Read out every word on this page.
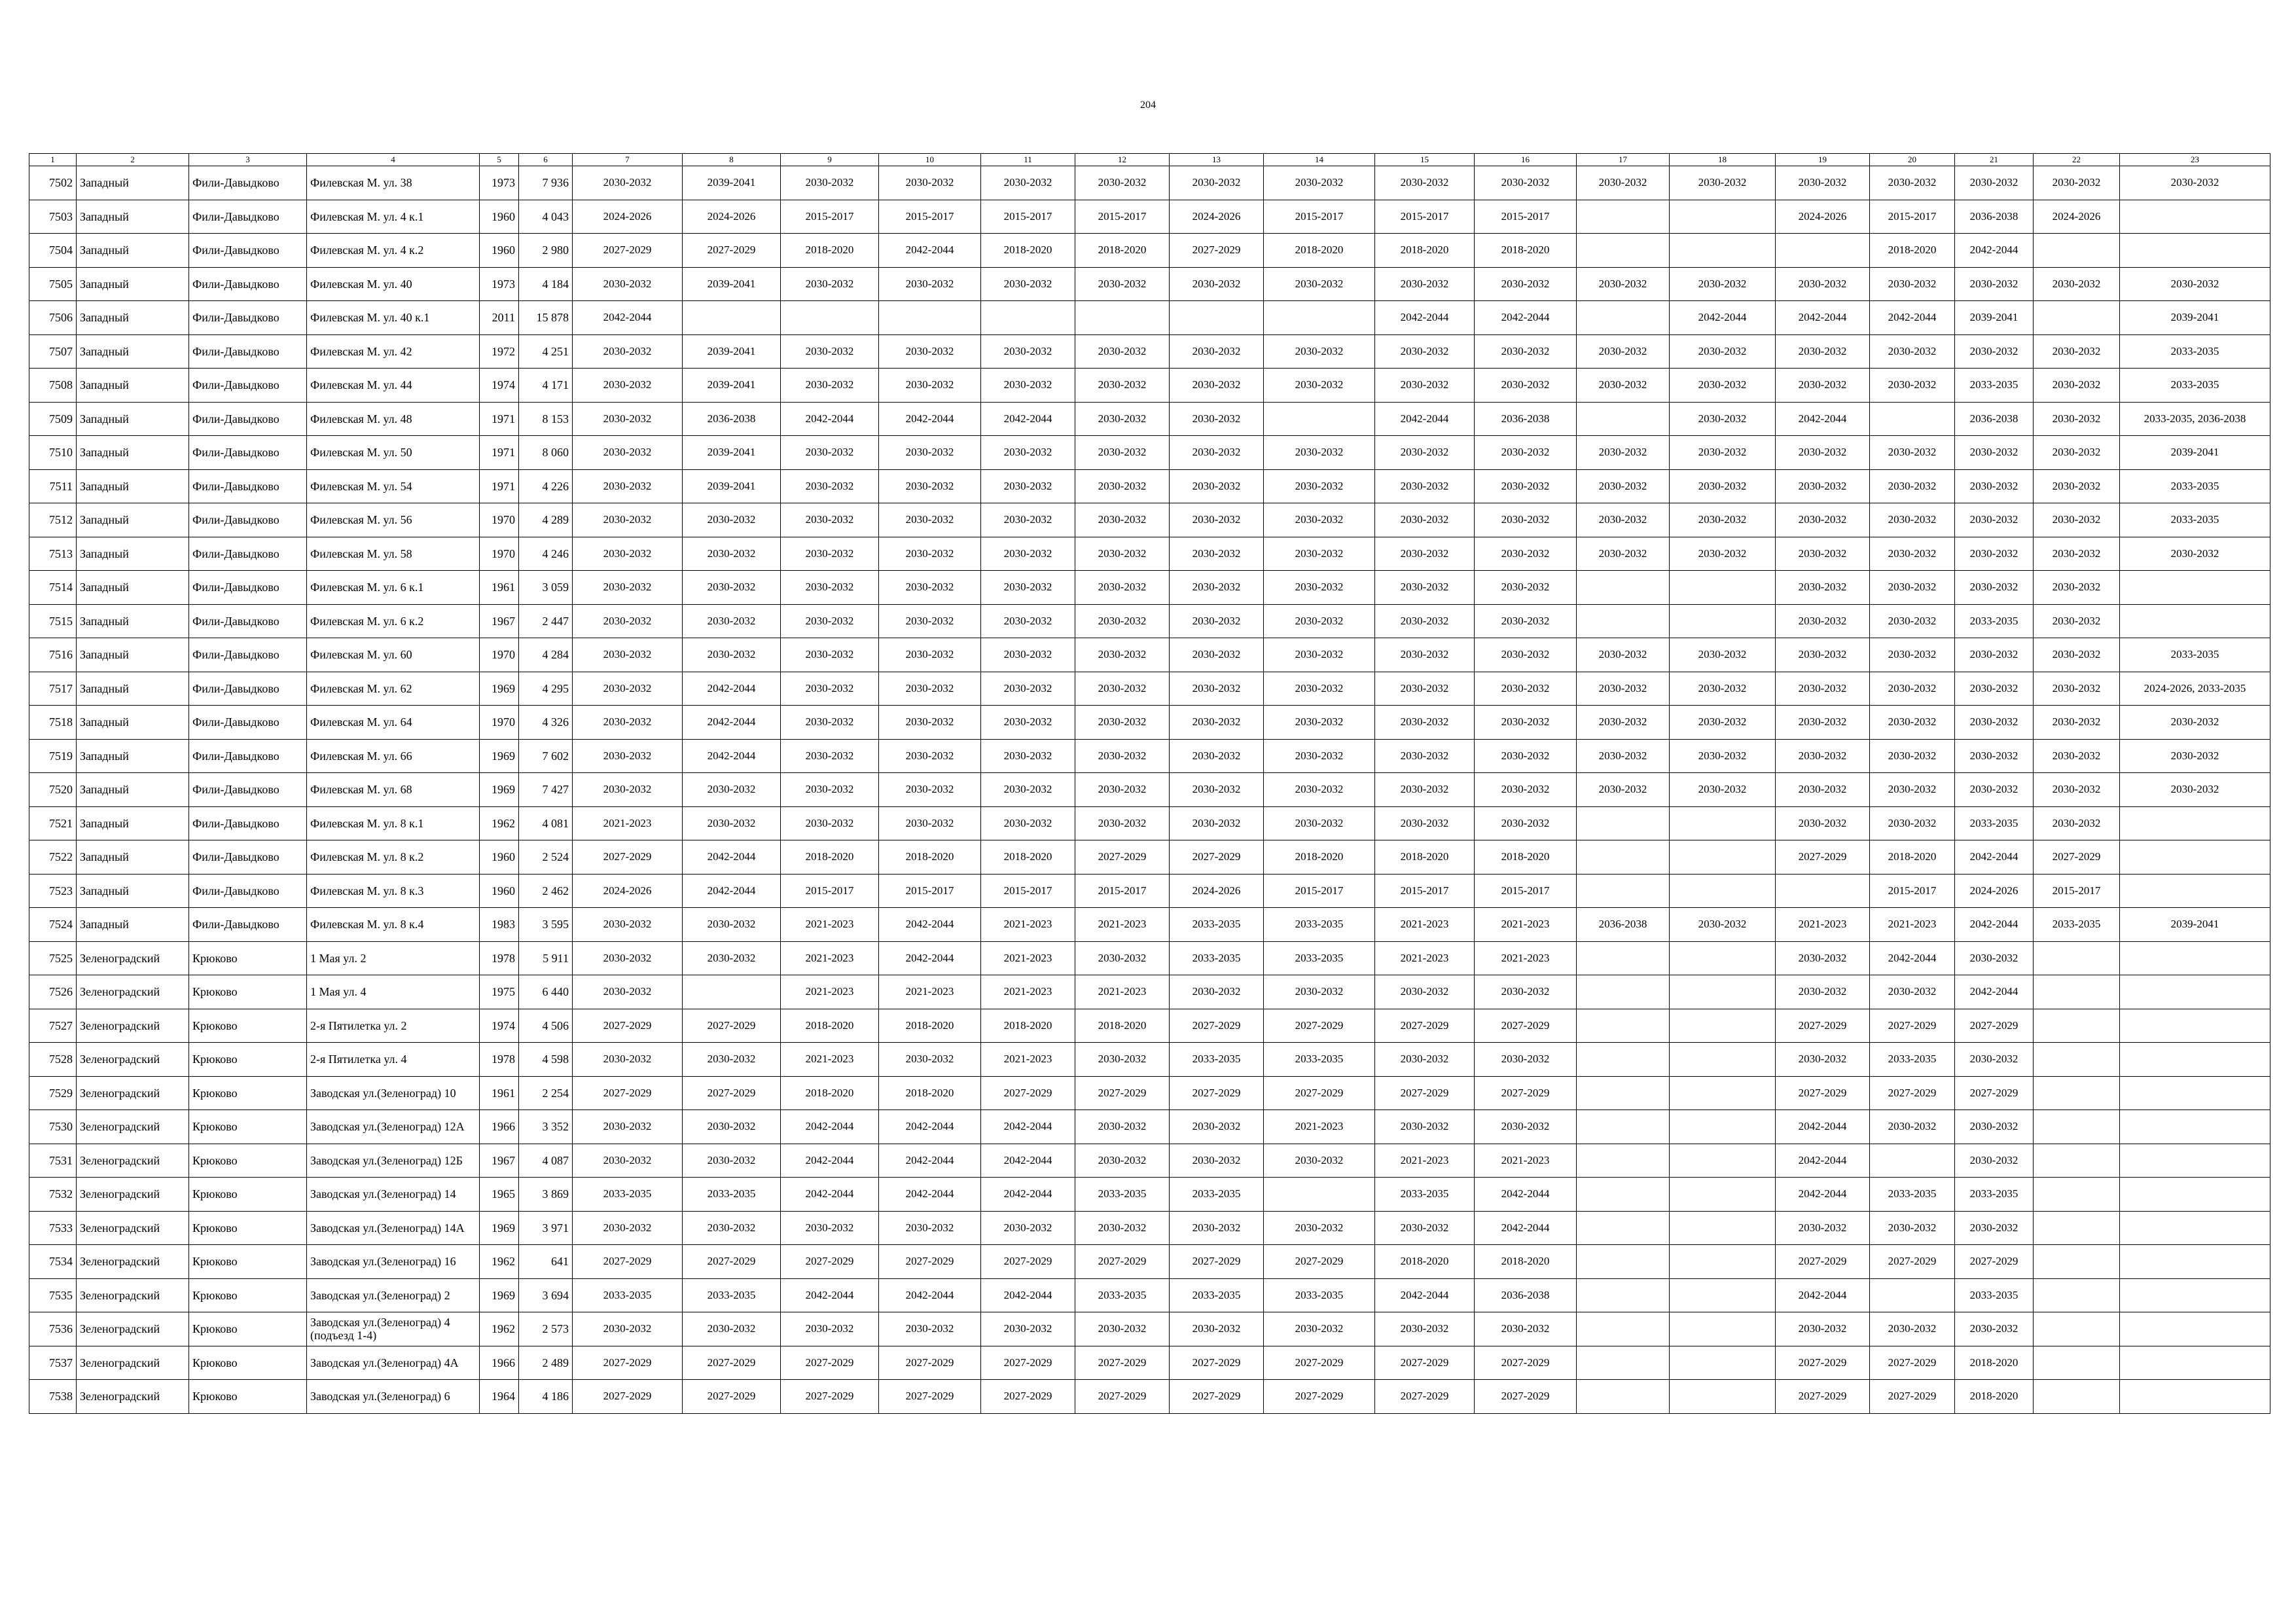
204
1	2	3	4	5	6	7	8	9	10	11	12	13	14	15	16	17	18	19	20	21	22	23
7502	Западный	Фили-Давыдково	Филевская М. ул. 38	1973	7 936	2030-2032	2039-2041	2030-2032	2030-2032	2030-2032	2030-2032	2030-2032	2030-2032	2030-2032	2030-2032	2030-2032	2030-2032	2030-2032	2030-2032	2030-2032	2030-2032	2030-2032
7503	Западный	Фили-Давыдково	Филевская М. ул. 4 к.1	1960	4 043	2024-2026	2024-2026	2015-2017	2015-2017	2015-2017	2015-2017	2024-2026	2015-2017	2015-2017	2015-2017			2024-2026	2015-2017	2036-2038	2024-2026	
7504	Западный	Фили-Давыдково	Филевская М. ул. 4 к.2	1960	2 980	2027-2029	2027-2029	2018-2020	2042-2044	2018-2020	2018-2020	2027-2029	2018-2020	2018-2020	2018-2020				2018-2020	2042-2044		
7505	Западный	Фили-Давыдково	Филевская М. ул. 40	1973	4 184	2030-2032	2039-2041	2030-2032	2030-2032	2030-2032	2030-2032	2030-2032	2030-2032	2030-2032	2030-2032	2030-2032	2030-2032	2030-2032	2030-2032	2030-2032	2030-2032	2030-2032
7506	Западный	Фили-Давыдково	Филевская М. ул. 40 к.1	2011	15 878	2042-2044								2042-2044	2042-2044		2042-2044	2042-2044	2042-2044	2039-2041		2039-2041
7507	Западный	Фили-Давыдково	Филевская М. ул. 42	1972	4 251	2030-2032	2039-2041	2030-2032	2030-2032	2030-2032	2030-2032	2030-2032	2030-2032	2030-2032	2030-2032	2030-2032	2030-2032	2030-2032	2030-2032	2030-2032	2030-2032	2033-2035
7508	Западный	Фили-Давыдково	Филевская М. ул. 44	1974	4 171	2030-2032	2039-2041	2030-2032	2030-2032	2030-2032	2030-2032	2030-2032	2030-2032	2030-2032	2030-2032	2030-2032	2030-2032	2030-2032	2030-2032	2033-2035	2030-2032	2033-2035
7509	Западный	Фили-Давыдково	Филевская М. ул. 48	1971	8 153	2030-2032	2036-2038	2042-2044	2042-2044	2042-2044	2030-2032	2030-2032		2042-2044	2036-2038		2030-2032	2042-2044		2036-2038	2030-2032	2033-2035, 2036-2038
7510	Западный	Фили-Давыдково	Филевская М. ул. 50	1971	8 060	2030-2032	2039-2041	2030-2032	2030-2032	2030-2032	2030-2032	2030-2032	2030-2032	2030-2032	2030-2032	2030-2032	2030-2032	2030-2032	2030-2032	2030-2032	2030-2032	2039-2041
7511	Западный	Фили-Давыдково	Филевская М. ул. 54	1971	4 226	2030-2032	2039-2041	2030-2032	2030-2032	2030-2032	2030-2032	2030-2032	2030-2032	2030-2032	2030-2032	2030-2032	2030-2032	2030-2032	2030-2032	2030-2032	2030-2032	2033-2035
7512	Западный	Фили-Давыдково	Филевская М. ул. 56	1970	4 289	2030-2032	2030-2032	2030-2032	2030-2032	2030-2032	2030-2032	2030-2032	2030-2032	2030-2032	2030-2032	2030-2032	2030-2032	2030-2032	2030-2032	2030-2032	2030-2032	2033-2035
7513	Западный	Фили-Давыдково	Филевская М. ул. 58	1970	4 246	2030-2032	2030-2032	2030-2032	2030-2032	2030-2032	2030-2032	2030-2032	2030-2032	2030-2032	2030-2032	2030-2032	2030-2032	2030-2032	2030-2032	2030-2032	2030-2032	2030-2032
7514	Западный	Фили-Давыдково	Филевская М. ул. 6 к.1	1961	3 059	2030-2032	2030-2032	2030-2032	2030-2032	2030-2032	2030-2032	2030-2032	2030-2032	2030-2032	2030-2032			2030-2032	2030-2032	2030-2032	2030-2032	
7515	Западный	Фили-Давыдково	Филевская М. ул. 6 к.2	1967	2 447	2030-2032	2030-2032	2030-2032	2030-2032	2030-2032	2030-2032	2030-2032	2030-2032	2030-2032	2030-2032			2030-2032	2030-2032	2033-2035	2030-2032	
7516	Западный	Фили-Давыдково	Филевская М. ул. 60	1970	4 284	2030-2032	2030-2032	2030-2032	2030-2032	2030-2032	2030-2032	2030-2032	2030-2032	2030-2032	2030-2032	2030-2032	2030-2032	2030-2032	2030-2032	2030-2032	2030-2032	2033-2035
7517	Западный	Фили-Давыдково	Филевская М. ул. 62	1969	4 295	2030-2032	2042-2044	2030-2032	2030-2032	2030-2032	2030-2032	2030-2032	2030-2032	2030-2032	2030-2032	2030-2032	2030-2032	2030-2032	2030-2032	2030-2032	2030-2032	2024-2026, 2033-2035
7518	Западный	Фили-Давыдково	Филевская М. ул. 64	1970	4 326	2030-2032	2042-2044	2030-2032	2030-2032	2030-2032	2030-2032	2030-2032	2030-2032	2030-2032	2030-2032	2030-2032	2030-2032	2030-2032	2030-2032	2030-2032	2030-2032	2030-2032
7519	Западный	Фили-Давыдково	Филевская М. ул. 66	1969	7 602	2030-2032	2042-2044	2030-2032	2030-2032	2030-2032	2030-2032	2030-2032	2030-2032	2030-2032	2030-2032	2030-2032	2030-2032	2030-2032	2030-2032	2030-2032	2030-2032	2030-2032
7520	Западный	Фили-Давыдково	Филевская М. ул. 68	1969	7 427	2030-2032	2030-2032	2030-2032	2030-2032	2030-2032	2030-2032	2030-2032	2030-2032	2030-2032	2030-2032	2030-2032	2030-2032	2030-2032	2030-2032	2030-2032	2030-2032	2030-2032
7521	Западный	Фили-Давыдково	Филевская М. ул. 8 к.1	1962	4 081	2021-2023	2030-2032	2030-2032	2030-2032	2030-2032	2030-2032	2030-2032	2030-2032	2030-2032	2030-2032			2030-2032	2030-2032	2033-2035	2030-2032	
7522	Западный	Фили-Давыдково	Филевская М. ул. 8 к.2	1960	2 524	2027-2029	2042-2044	2018-2020	2018-2020	2018-2020	2027-2029	2027-2029	2018-2020	2018-2020	2018-2020			2027-2029	2018-2020	2042-2044	2027-2029	
7523	Западный	Фили-Давыдково	Филевская М. ул. 8 к.3	1960	2 462	2024-2026	2042-2044	2015-2017	2015-2017	2015-2017	2015-2017	2024-2026	2015-2017	2015-2017	2015-2017				2015-2017	2024-2026	2015-2017	
7524	Западный	Фили-Давыдково	Филевская М. ул. 8 к.4	1983	3 595	2030-2032	2030-2032	2021-2023	2042-2044	2021-2023	2021-2023	2033-2035	2033-2035	2021-2023	2021-2023	2036-2038	2030-2032	2021-2023	2021-2023	2042-2044	2033-2035	2039-2041
7525	Зеленоградский	Крюково	1 Мая ул. 2	1978	5 911	2030-2032	2030-2032	2021-2023	2042-2044	2021-2023	2030-2032	2033-2035	2033-2035	2021-2023	2021-2023			2030-2032	2042-2044	2030-2032		
7526	Зеленоградский	Крюково	1 Мая ул. 4	1975	6 440	2030-2032		2021-2023	2021-2023	2021-2023	2021-2023	2030-2032	2030-2032	2030-2032	2030-2032			2030-2032	2030-2032	2042-2044		
7527	Зеленоградский	Крюково	2-я Пятилетка ул. 2	1974	4 506	2027-2029	2027-2029	2018-2020	2018-2020	2018-2020	2018-2020	2027-2029	2027-2029	2027-2029	2027-2029			2027-2029	2027-2029	2027-2029		
7528	Зеленоградский	Крюково	2-я Пятилетка ул. 4	1978	4 598	2030-2032	2030-2032	2021-2023	2030-2032	2021-2023	2030-2032	2033-2035	2033-2035	2030-2032	2030-2032			2030-2032	2033-2035	2030-2032		
7529	Зеленоградский	Крюково	Заводская ул.(Зеленоград) 10	1961	2 254	2027-2029	2027-2029	2018-2020	2018-2020	2027-2029	2027-2029	2027-2029	2027-2029	2027-2029	2027-2029			2027-2029	2027-2029	2027-2029		
7530	Зеленоградский	Крюково	Заводская ул.(Зеленоград) 12А	1966	3 352	2030-2032	2030-2032	2042-2044	2042-2044	2042-2044	2030-2032	2030-2032	2021-2023	2030-2032	2030-2032			2042-2044	2030-2032	2030-2032		
7531	Зеленоградский	Крюково	Заводская ул.(Зеленоград) 12Б	1967	4 087	2030-2032	2030-2032	2042-2044	2042-2044	2042-2044	2030-2032	2030-2032	2030-2032	2021-2023	2021-2023			2042-2044		2030-2032		
7532	Зеленоградский	Крюково	Заводская ул.(Зеленоград) 14	1965	3 869	2033-2035	2033-2035	2042-2044	2042-2044	2042-2044	2033-2035	2033-2035		2033-2035	2042-2044			2042-2044	2033-2035	2033-2035		
7533	Зеленоградский	Крюково	Заводская ул.(Зеленоград) 14А	1969	3 971	2030-2032	2030-2032	2030-2032	2030-2032	2030-2032	2030-2032	2030-2032	2030-2032	2030-2032	2042-2044			2030-2032	2030-2032	2030-2032		
7534	Зеленоградский	Крюково	Заводская ул.(Зеленоград) 16	1962	641	2027-2029	2027-2029	2027-2029	2027-2029	2027-2029	2027-2029	2027-2029	2027-2029	2018-2020	2018-2020			2027-2029	2027-2029	2027-2029		
7535	Зеленоградский	Крюково	Заводская ул.(Зеленоград) 2	1969	3 694	2033-2035	2033-2035	2042-2044	2042-2044	2042-2044	2033-2035	2033-2035	2033-2035	2042-2044	2036-2038			2042-2044		2033-2035		
7536	Зеленоградский	Крюково	Заводская ул.(Зеленоград) 4 (подъезд 1-4)	1962	2 573	2030-2032	2030-2032	2030-2032	2030-2032	2030-2032	2030-2032	2030-2032	2030-2032	2030-2032	2030-2032			2030-2032	2030-2032	2030-2032		
7537	Зеленоградский	Крюково	Заводская ул.(Зеленоград) 4А	1966	2 489	2027-2029	2027-2029	2027-2029	2027-2029	2027-2029	2027-2029	2027-2029	2027-2029	2027-2029	2027-2029			2027-2029	2027-2029	2018-2020		
7538	Зеленоградский	Крюково	Заводская ул.(Зеленоград) 6	1964	4 186	2027-2029	2027-2029	2027-2029	2027-2029	2027-2029	2027-2029	2027-2029	2027-2029	2027-2029	2027-2029			2027-2029	2027-2029	2018-2020		
